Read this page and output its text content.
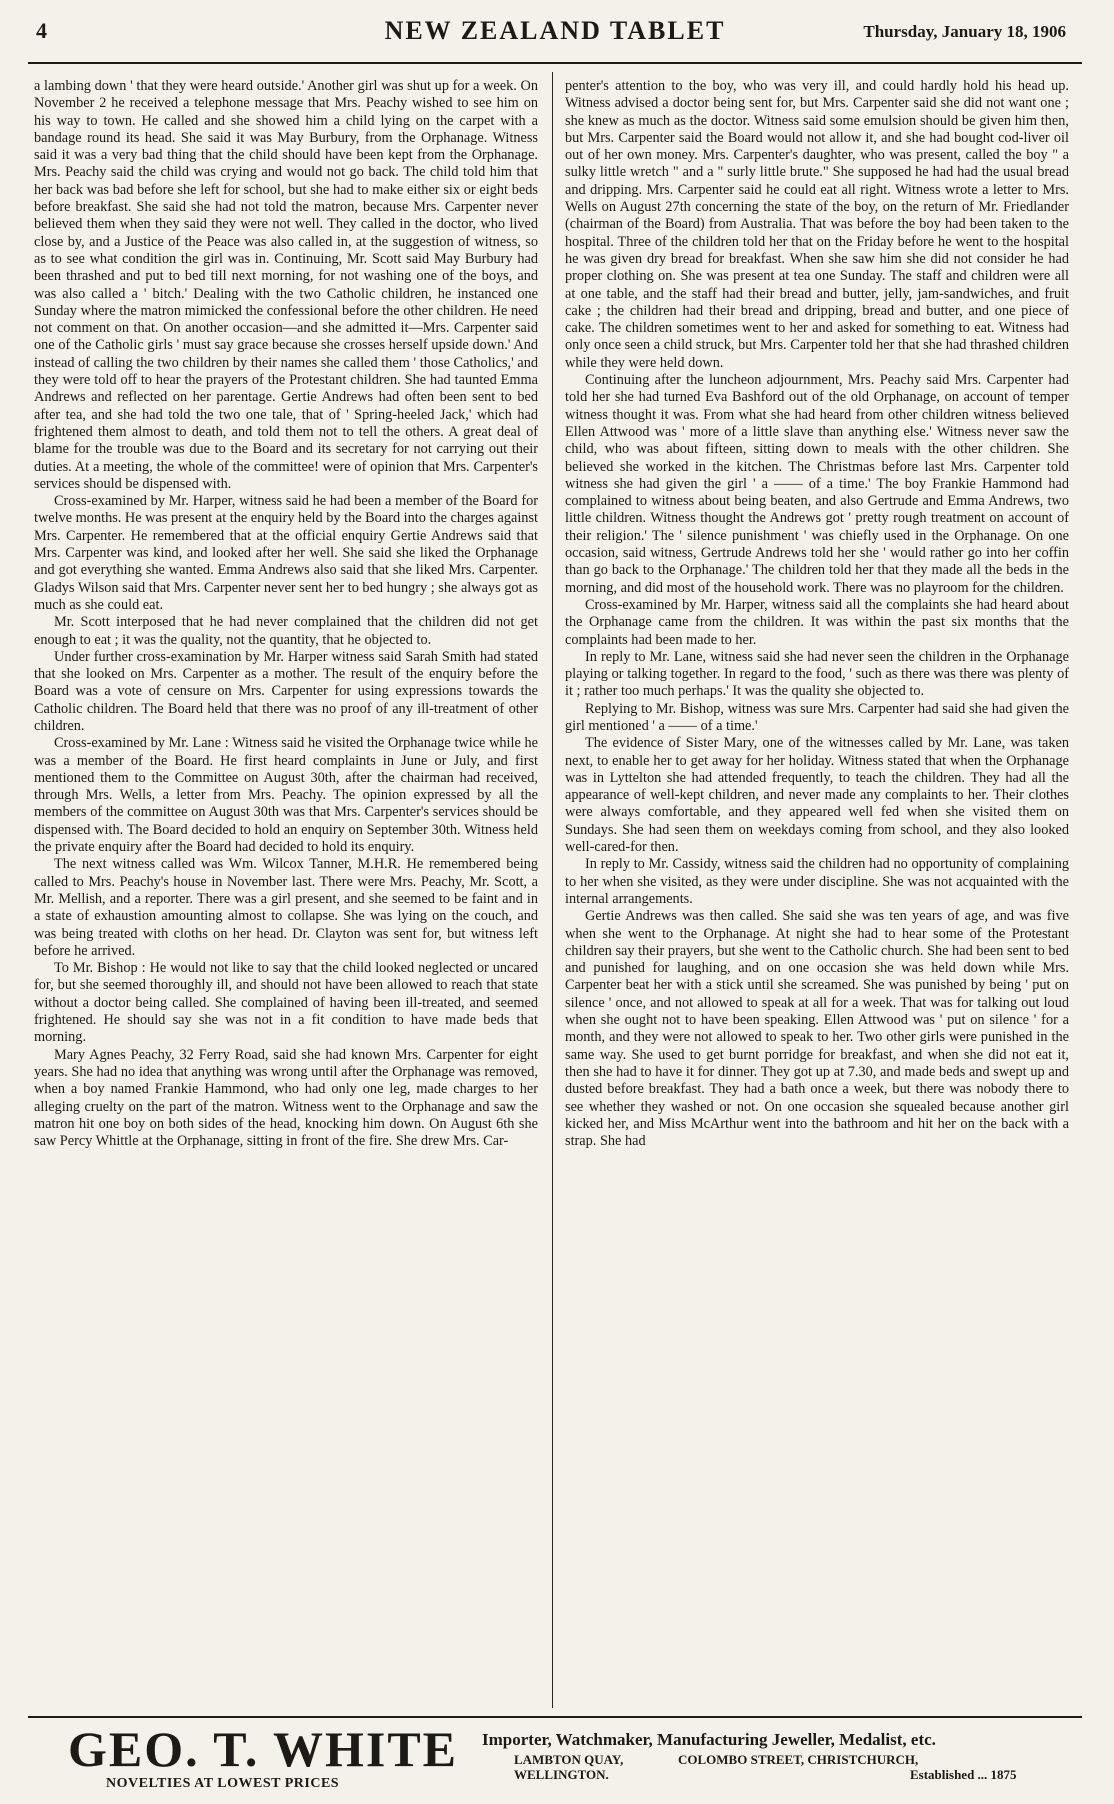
4	NEW ZEALAND TABLET	Thursday, January 18, 1906

a lambing down ' that they were heard outside.' Another girl was shut up for a week. On November 2 he received a telephone message that Mrs. Peachy wished to see him on his way to town. He called and she showed him a child lying on the carpet with a bandage round its head. She said it was May Burbury, from the Orphanage. Witness said it was a very bad thing that the child should have been kept from the Orphanage. Mrs. Peachy said the child was crying and would not go back. The child told him that her back was bad before she left for school, but she had to make either six or eight beds before breakfast. She said she had not told the matron, because Mrs. Carpenter never believed them when they said they were not well. They called in the doctor, who lived close by, and a Justice of the Peace was also called in, at the suggestion of witness, so as to see what condition the girl was in. Continuing, Mr. Scott said May Burbury had been thrashed and put to bed till next morning, for not washing one of the boys, and was also called a ' bitch.' Dealing with the two Catholic children, he instanced one Sunday where the matron mimicked the confessional before the other children. He need not comment on that. On another occasion—and she admitted it—Mrs. Carpenter said one of the Catholic girls ' must say grace because she crosses herself upside down.' And instead of calling the two children by their names she called them ' those Catholics,' and they were told off to hear the prayers of the Protestant children. She had taunted Emma Andrews and reflected on her parentage. Gertie Andrews had often been sent to bed after tea, and she had told the two one tale, that of ' Spring-heeled Jack,' which had frightened them almost to death, and told them not to tell the others. A great deal of blame for the trouble was due to the Board and its secretary for not carrying out their duties. At a meeting, the whole of the committee! were of opinion that Mrs. Carpenter's services should be dispensed with.

Cross-examined by Mr. Harper, witness said he had been a member of the Board for twelve months. He was present at the enquiry held by the Board into the charges against Mrs. Carpenter. He remembered that at the official enquiry Gertie Andrews said that Mrs. Carpenter was kind, and looked after her well. She said she liked the Orphanage and got everything she wanted. Emma Andrews also said that she liked Mrs. Carpenter. Gladys Wilson said that Mrs. Carpenter never sent her to bed hungry ; she always got as much as she could eat.

Mr. Scott interposed that he had never complained that the children did not get enough to eat ; it was the quality, not the quantity, that he objected to.

Under further cross-examination by Mr. Harper witness said Sarah Smith had stated that she looked on Mrs. Carpenter as a mother. The result of the enquiry before the Board was a vote of censure on Mrs. Carpenter for using expressions towards the Catholic children. The Board held that there was no proof of any ill-treatment of other children.

Cross-examined by Mr. Lane : Witness said he visited the Orphanage twice while he was a member of the Board. He first heard complaints in June or July, and first mentioned them to the Committee on August 30th, after the chairman had received, through Mrs. Wells, a letter from Mrs. Peachy. The opinion expressed by all the members of the committee on August 30th was that Mrs. Carpenter's services should be dispensed with. The Board decided to hold an enquiry on September 30th. Witness held the private enquiry after the Board had decided to hold its enquiry.

The next witness called was Wm. Wilcox Tanner, M.H.R. He remembered being called to Mrs. Peachy's house in November last. There were Mrs. Peachy, Mr. Scott, a Mr. Mellish, and a reporter. There was a girl present, and she seemed to be faint and in a state of exhaustion amounting almost to collapse. She was lying on the couch, and was being treated with cloths on her head. Dr. Clayton was sent for, but witness left before he arrived.

To Mr. Bishop : He would not like to say that the child looked neglected or uncared for, but she seemed thoroughly ill, and should not have been allowed to reach that state without a doctor being called. She complained of having been ill-treated, and seemed frightened. He should say she was not in a fit condition to have made beds that morning.

Mary Agnes Peachy, 32 Ferry Road, said she had known Mrs. Carpenter for eight years. She had no idea that anything was wrong until after the Orphanage was removed, when a boy named Frankie Hammond, who had only one leg, made charges to her alleging cruelty on the part of the matron. Witness went to the Orphanage and saw the matron hit one boy on both sides of the head, knocking him down. On August 6th she saw Percy Whittle at the Orphanage, sitting in front of the fire. She drew Mrs. Car-

penter's attention to the boy, who was very ill, and could hardly hold his head up. Witness advised a doctor being sent for, but Mrs. Carpenter said she did not want one ; she knew as much as the doctor. Witness said some emulsion should be given him then, but Mrs. Carpenter said the Board would not allow it, and she had bought cod-liver oil out of her own money. Mrs. Carpenter's daughter, who was present, called the boy " a sulky little wretch " and a " surly little brute." She supposed he had had the usual bread and dripping. Mrs. Carpenter said he could eat all right. Witness wrote a letter to Mrs. Wells on August 27th concerning the state of the boy, on the return of Mr. Friedlander (chairman of the Board) from Australia. That was before the boy had been taken to the hospital. Three of the children told her that on the Friday before he went to the hospital he was given dry bread for breakfast. When she saw him she did not consider he had proper clothing on. She was present at tea one Sunday. The staff and children were all at one table, and the staff had their bread and butter, jelly, jam-sandwiches, and fruit cake ; the children had their bread and dripping, bread and butter, and one piece of cake. The children sometimes went to her and asked for something to eat. Witness had only once seen a child struck, but Mrs. Carpenter told her that she had thrashed children while they were held down.

Continuing after the luncheon adjournment, Mrs. Peachy said Mrs. Carpenter had told her she had turned Eva Bashford out of the old Orphanage, on account of temper witness thought it was. From what she had heard from other children witness believed Ellen Attwood was ' more of a little slave than anything else.' Witness never saw the child, who was about fifteen, sitting down to meals with the other children. She believed she worked in the kitchen. The Christmas before last Mrs. Carpenter told witness she had given the girl ' a —— of a time.' The boy Frankie Hammond had complained to witness about being beaten, and also Gertrude and Emma Andrews, two little children. Witness thought the Andrews got ' pretty rough treatment on account of their religion.' The ' silence punishment ' was chiefly used in the Orphanage. On one occasion, said witness, Gertrude Andrews told her she ' would rather go into her coffin than go back to the Orphanage.' The children told her that they made all the beds in the morning, and did most of the household work. There was no playroom for the children.

Cross-examined by Mr. Harper, witness said all the complaints she had heard about the Orphanage came from the children. It was within the past six months that the complaints had been made to her.

In reply to Mr. Lane, witness said she had never seen the children in the Orphanage playing or talking together. In regard to the food, ' such as there was there was plenty of it ; rather too much perhaps.' It was the quality she objected to.

Replying to Mr. Bishop, witness was sure Mrs. Carpenter had said she had given the girl mentioned ' a —— of a time.'

The evidence of Sister Mary, one of the witnesses called by Mr. Lane, was taken next, to enable her to get away for her holiday. Witness stated that when the Orphanage was in Lyttelton she had attended frequently, to teach the children. They had all the appearance of well-kept children, and never made any complaints to her. Their clothes were always comfortable, and they appeared well fed when she visited them on Sundays. She had seen them on weekdays coming from school, and they also looked well-cared-for then.

In reply to Mr. Cassidy, witness said the children had no opportunity of complaining to her when she visited, as they were under discipline. She was not acquainted with the internal arrangements.

Gertie Andrews was then called. She said she was ten years of age, and was five when she went to the Orphanage. At night she had to hear some of the Protestant children say their prayers, but she went to the Catholic church. She had been sent to bed and punished for laughing, and on one occasion she was held down while Mrs. Carpenter beat her with a stick until she screamed. She was punished by being ' put on silence ' once, and not allowed to speak at all for a week. That was for talking out loud when she ought not to have been speaking. Ellen Attwood was ' put on silence ' for a month, and they were not allowed to speak to her. Two other girls were punished in the same way. She used to get burnt porridge for breakfast, and when she did not eat it, then she had to have it for dinner. They got up at 7.30, and made beds and swept up and dusted before breakfast. They had a bath once a week, but there was nobody there to see whether they washed or not. On one occasion she squealed because another girl kicked her, and Miss McArthur went into the bathroom and hit her on the back with a strap. She had

GEO. T. WHITE
NOVELTIES AT LOWEST PRICES
Importer, Watchmaker, Manufacturing Jeweller, Medalist, etc.
LAMBTON QUAY,
WELLINGTON.
COLOMBO STREET, CHRISTCHURCH,
Established ... 1875
